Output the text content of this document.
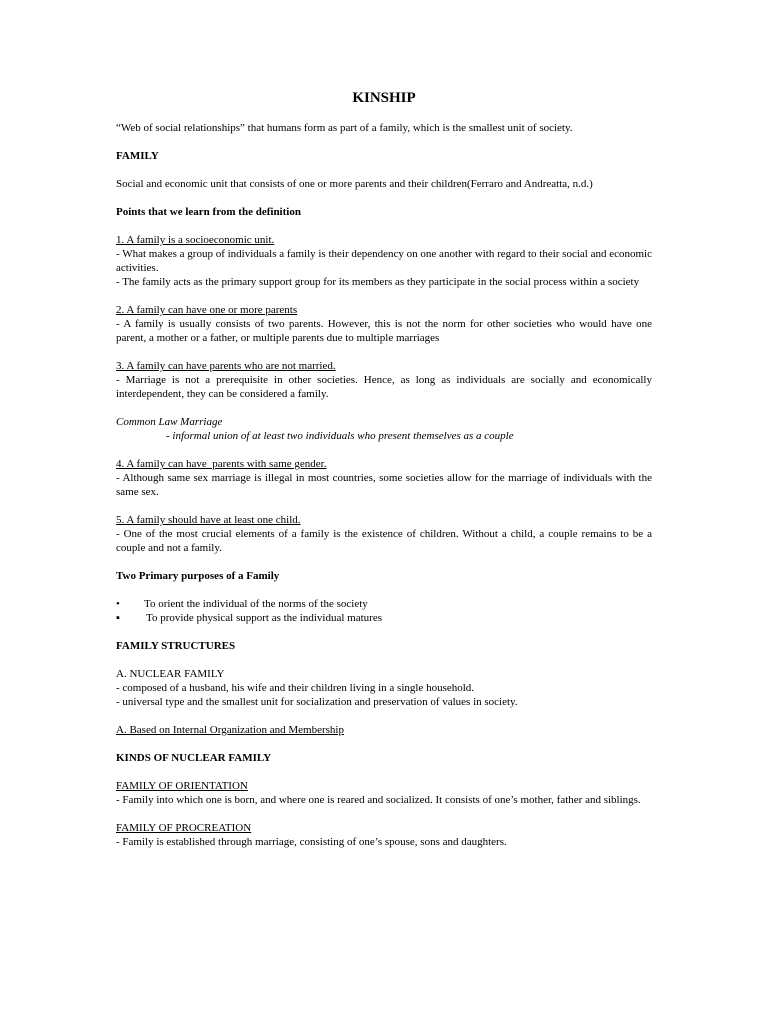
KINSHIP

“Web of social relationships” that humans form as part of a family, which is the smallest unit of society.

FAMILY

Social and economic unit that consists of one or more parents and their children(Ferraro and Andreatta, n.d.)

Points that we learn from the definition
1. A family is a socioeconomic unit.

- What makes a group of individuals a family is their dependency on one another with regard to their social and economic activities.

- The family acts as the primary support group for its members as they participate in the social process within a society

2. A family can have one or more parents

- A family is usually consists of two parents. However, this is not the norm for other societies who would have one parent, a mother or a father, or multiple parents due to multiple marriages

3. A family can have parents who are not married.

- Marriage is not a prerequisite in other societies. Hence, as long as individuals are socially and economically interdependent, they can be considered a family.

Common Law Marriage
- informal union of at least two individuals who present themselves as a couple
4. A family can have  parents with same gender.

- Although same sex marriage is illegal in most countries, some societies allow for the marriage of individuals with the same sex.

5. A family should have at least one child.

- One of the most crucial elements of a family is the existence of children. Without a child, a couple remains to be a couple and not a family.

Two Primary purposes of a Family
•	To orient the individual of the norms of the society
▪	To provide physical support as the individual matures
FAMILY STRUCTURES
A. NUCLEAR FAMILY

- composed of a husband, his wife and their children living in a single household.

- universal type and the smallest unit for socialization and preservation of values in society.

A. Based on Internal Organization and Membership
KINDS OF NUCLEAR FAMILY
FAMILY OF ORIENTATION

- Family into which one is born, and where one is reared and socialized. It consists of one’s mother, father and siblings.

FAMILY OF PROCREATION

- Family is established through marriage, consisting of one’s spouse, sons and daughters.
